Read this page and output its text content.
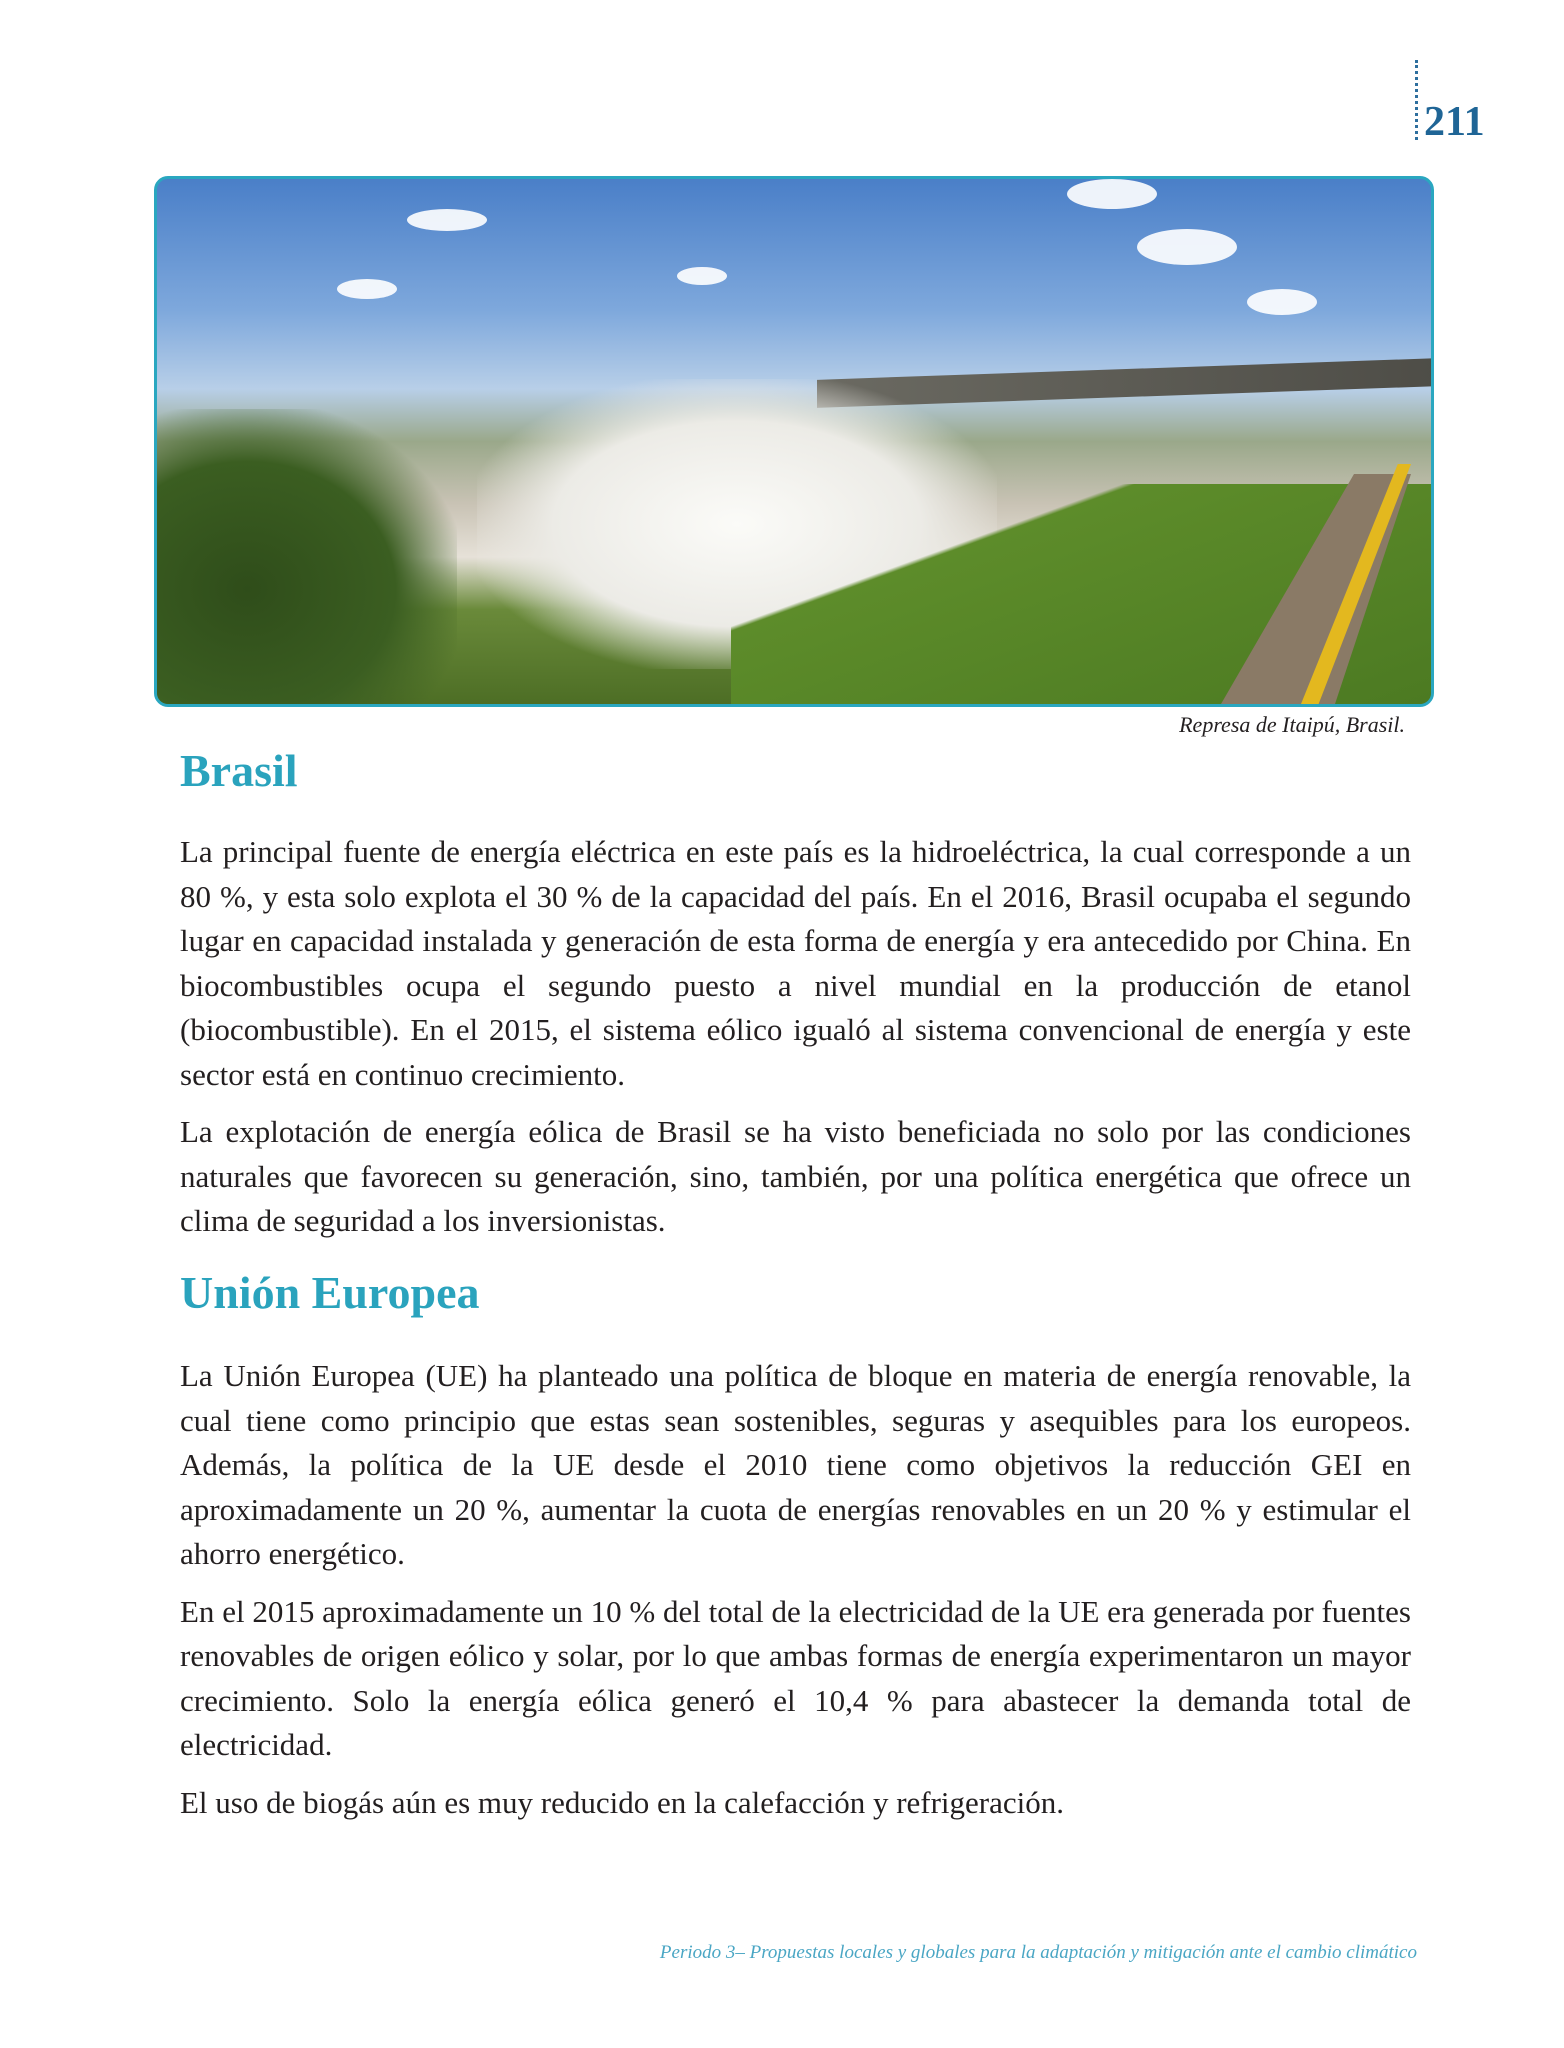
211
Represa de Itaipú, Brasil.
Brasil

La principal fuente de energía eléctrica en este país es la hidroeléctrica, la cual corresponde a un 80 %, y esta solo explota el 30 % de la capacidad del país. En el 2016, Brasil ocupaba el segundo lugar en capacidad instalada y generación de esta forma de energía y era antecedido por China. En biocombustibles ocupa el segundo puesto a nivel mundial en la producción de etanol (biocombustible). En el 2015, el sistema eólico igualó al sistema convencional de energía y este sector está en continuo crecimiento.

La explotación de energía eólica de Brasil se ha visto beneficiada no solo por las condiciones naturales que favorecen su generación, sino, también, por una política energética que ofrece un clima de seguridad a los inversionistas.

Unión Europea

La Unión Europea (UE) ha planteado una política de bloque en materia de energía renovable, la cual tiene como principio que estas sean sostenibles, seguras y asequibles para los europeos. Además, la política de la UE desde el 2010 tiene como objetivos la reducción GEI en aproximadamente un 20 %, aumentar la cuota de energías renovables en un 20 % y estimular el ahorro energético.

En el 2015 aproximadamente un 10 % del total de la electricidad de la UE era generada por fuentes renovables de origen eólico y solar, por lo que ambas formas de energía experimentaron un mayor crecimiento. Solo la energía eólica generó el 10,4 % para abastecer la demanda total de electricidad.

El uso de biogás aún es muy reducido en la calefacción y refrigeración.

Periodo 3– Propuestas locales y globales para la adaptación y mitigación ante el cambio climático
